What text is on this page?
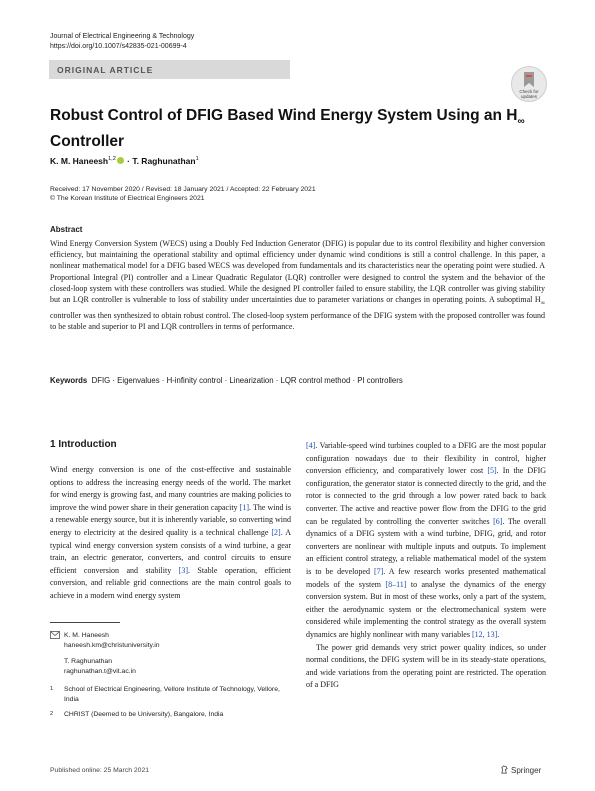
Journal of Electrical Engineering & Technology
https://doi.org/10.1007/s42835-021-00699-4
ORIGINAL ARTICLE
Check for updates
Robust Control of DFIG Based Wind Energy System Using an $H_\infty$
Controller
K. M. Haneesh$^{1,2}$ · T. Raghunathan$^1$
Received: 17 November 2020 / Revised: 18 January 2021 / Accepted: 22 February 2021
© The Korean Institute of Electrical Engineers 2021
Abstract
Wind Energy Conversion System (WECS) using a Doubly Fed Induction Generator (DFIG) is popular due to its control flexibility and higher conversion efficiency, but maintaining the operational stability and optimal efficiency under dynamic wind conditions is still a control challenge. In this paper, a nonlinear mathematical model for a DFIG based WECS was developed from fundamentals and its characteristics near the operating point were studied. A Proportional Integral (PI) controller and a Linear Quadratic Regulator (LQR) controller were designed to control the system and the behavior of the closed-loop system with these controllers was studied. While the designed PI controller failed to ensure stability, the LQR controller was giving stability but an LQR controller is vulnerable to loss of stability under uncertainties due to parameter variations or changes in operating points. A suboptimal $H_\infty$ controller was then synthesized to obtain robust control. The closed-loop system performance of the DFIG system with the proposed controller was found to be stable and superior to PI and LQR controllers in terms of performance.
Keywords DFIG · Eigenvalues · H-infinity control · Linearization · LQR control method · PI controllers
1 Introduction
Wind energy conversion is one of the cost-effective and sustainable options to address the increasing energy needs of the world. The market for wind energy is growing fast, and many countries are making policies to improve the wind power share in their generation capacity [1]. The wind is a renewable energy source, but it is inherently variable, so converting wind energy to electricity at the desired quality is a technical challenge [2]. A typical wind energy conversion system consists of a wind turbine, a gear train, an electric generator, converters, and control circuits to ensure efficient conversion and stability [3]. Stable operation, efficient conversion, and reliable grid connections are the main control goals to achieve in a modern wind energy system

[4]. Variable-speed wind turbines coupled to a DFIG are the most popular configuration nowadays due to their flexibility in control, higher conversion efficiency, and comparatively lower cost [5]. In the DFIG configuration, the generator stator is connected directly to the grid, and the rotor is connected to the grid through a low power rated back to back converter. The active and reactive power flow from the DFIG to the grid can be regulated by controlling the converter switches [6]. The overall dynamics of a DFIG system with a wind turbine, DFIG, grid, and rotor converters are nonlinear with multiple inputs and outputs. To implement an efficient control strategy, a reliable mathematical model of the system is to be developed [7]. A few research works presented mathematical models of the system [8–11] to analyse the dynamics of the energy conversion system. But in most of these works, only a part of the system, either the aerodynamic system or the electromechanical system were considered while implementing the control strategy as the overall system dynamics are highly nonlinear with many variables [12, 13].

The power grid demands very strict power quality indices, so under normal conditions, the DFIG system will be in its steady-state operations, and wide variations from the operating point are restricted. The operation of a DFIG

K. M. Haneesh
haneesh.km@christuniversity.in
T. Raghunathan
raghunathan.t@vit.ac.in
1 School of Electrical Engineering, Vellore Institute of Technology, Vellore, India
2 CHRIST (Deemed to be University), Bangalore, India
Published online: 25 March 2021	Springer
